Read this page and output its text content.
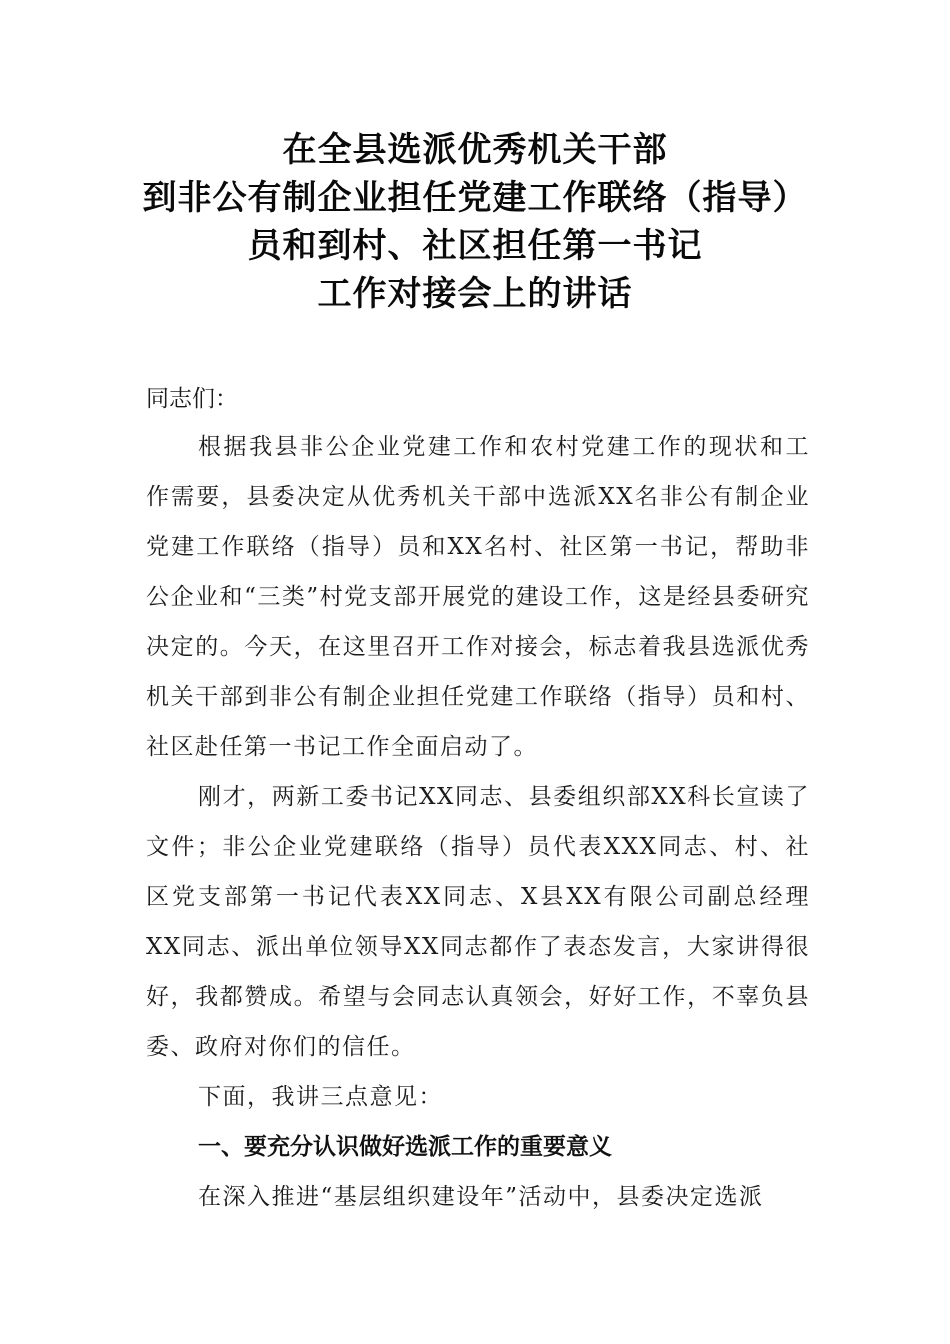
在全县选派优秀机关干部
到非公有制企业担任党建工作联络（指导）
员和到村、社区担任第一书记
工作对接会上的讲话
同志们：

根据我县非公企业党建工作和农村党建工作的现状和工作需要，县委决定从优秀机关干部中选派XX名非公有制企业党建工作联络（指导）员和XX名村、社区第一书记，帮助非公企业和“三类”村党支部开展党的建设工作，这是经县委研究决定的。今天，在这里召开工作对接会，标志着我县选派优秀机关干部到非公有制企业担任党建工作联络（指导）员和村、社区赴任第一书记工作全面启动了。

刚才，两新工委书记XX同志、县委组织部XX科长宣读了文件；非公企业党建联络（指导）员代表XXX同志、村、社区党支部第一书记代表XX同志、X县XX有限公司副总经理XX同志、派出单位领导XX同志都作了表态发言，大家讲得很好，我都赞成。希望与会同志认真领会，好好工作，不辜负县委、政府对你们的信任。

下面，我讲三点意见：

一、要充分认识做好选派工作的重要意义

在深入推进“基层组织建设年”活动中，县委决定选派
